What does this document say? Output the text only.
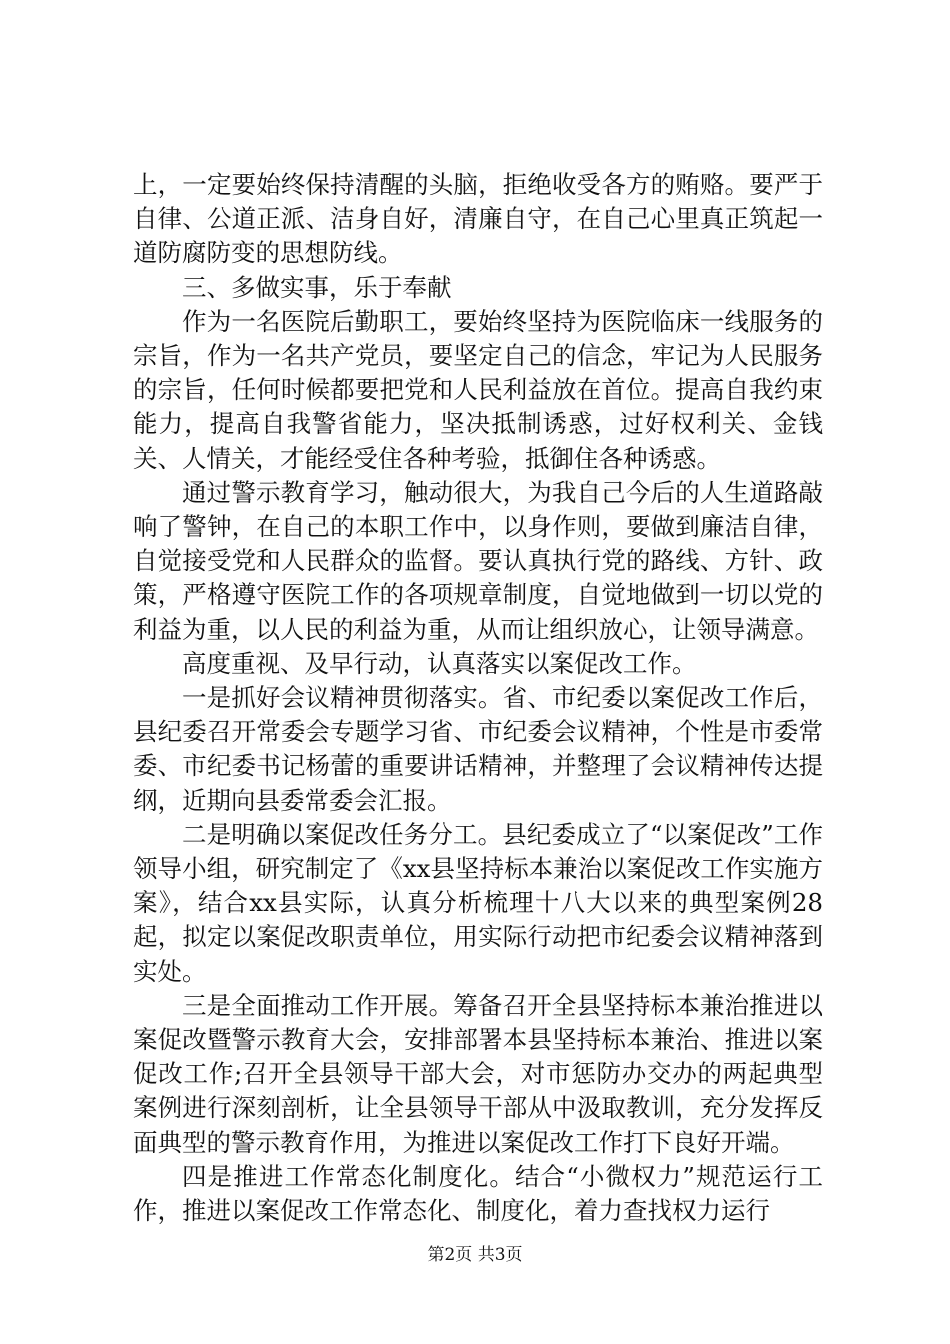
上，一定要始终保持清醒的头脑，拒绝收受各方的贿赂。要严于自律、公道正派、洁身自好，清廉自守，在自己心里真正筑起一道防腐防变的思想防线。

三、多做实事，乐于奉献

作为一名医院后勤职工，要始终坚持为医院临床一线服务的宗旨，作为一名共产党员，要坚定自己的信念，牢记为人民服务的宗旨，任何时候都要把党和人民利益放在首位。提高自我约束能力，提高自我警省能力，坚决抵制诱惑，过好权利关、金钱关、人情关，才能经受住各种考验，抵御住各种诱惑。

通过警示教育学习，触动很大，为我自己今后的人生道路敲响了警钟，在自己的本职工作中，以身作则，要做到廉洁自律，自觉接受党和人民群众的监督。要认真执行党的路线、方针、政策，严格遵守医院工作的各项规章制度，自觉地做到一切以党的利益为重，以人民的利益为重，从而让组织放心，让领导满意。

高度重视、及早行动，认真落实以案促改工作。

一是抓好会议精神贯彻落实。省、市纪委以案促改工作后，县纪委召开常委会专题学习省、市纪委会议精神，个性是市委常委、市纪委书记杨蕾的重要讲话精神，并整理了会议精神传达提纲，近期向县委常委会汇报。

二是明确以案促改任务分工。县纪委成立了“以案促改”工作领导小组，研究制定了《xx县坚持标本兼治以案促改工作实施方案》，结合xx县实际，认真分析梳理十八大以来的典型案例28起，拟定以案促改职责单位，用实际行动把市纪委会议精神落到实处。

三是全面推动工作开展。筹备召开全县坚持标本兼治推进以案促改暨警示教育大会，安排部署本县坚持标本兼治、推进以案促改工作;召开全县领导干部大会，对市惩防办交办的两起典型案例进行深刻剖析，让全县领导干部从中汲取教训，充分发挥反面典型的警示教育作用，为推进以案促改工作打下良好开端。

四是推进工作常态化制度化。结合“小微权力”规范运行工作，推进以案促改工作常态化、制度化，着力查找权力运行

第2页 共3页
